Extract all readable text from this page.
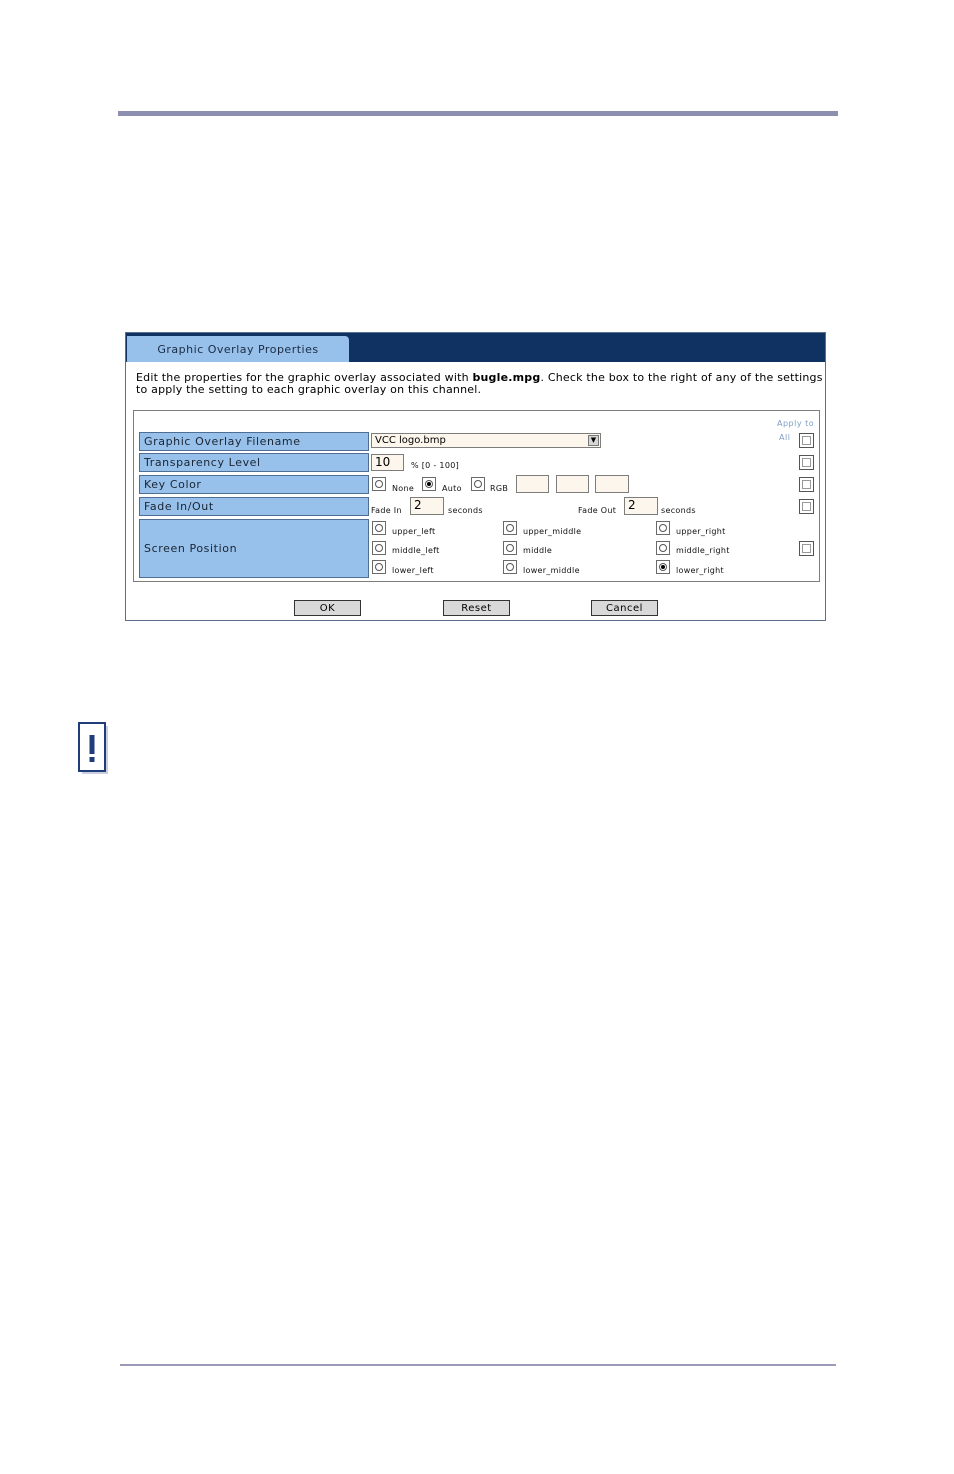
Graphic Overlay Properties
Edit the properties for the graphic overlay associated with bugle.mpg. Check the box to the right of any of the settings to apply the setting to each graphic overlay on this channel.
Apply to
All
Graphic Overlay Filename	VCC logo.bmp	▼
Transparency Level	10	% [0 - 100]
Key Color	None	Auto	RGB
Fade In/Out	Fade In	2	seconds	Fade Out 2	seconds
Screen Position
upper_left	upper_middle	upper_right
middle_left	middle	middle_right
lower_left	lower_middle	lower_right
OK	Reset	Cancel
